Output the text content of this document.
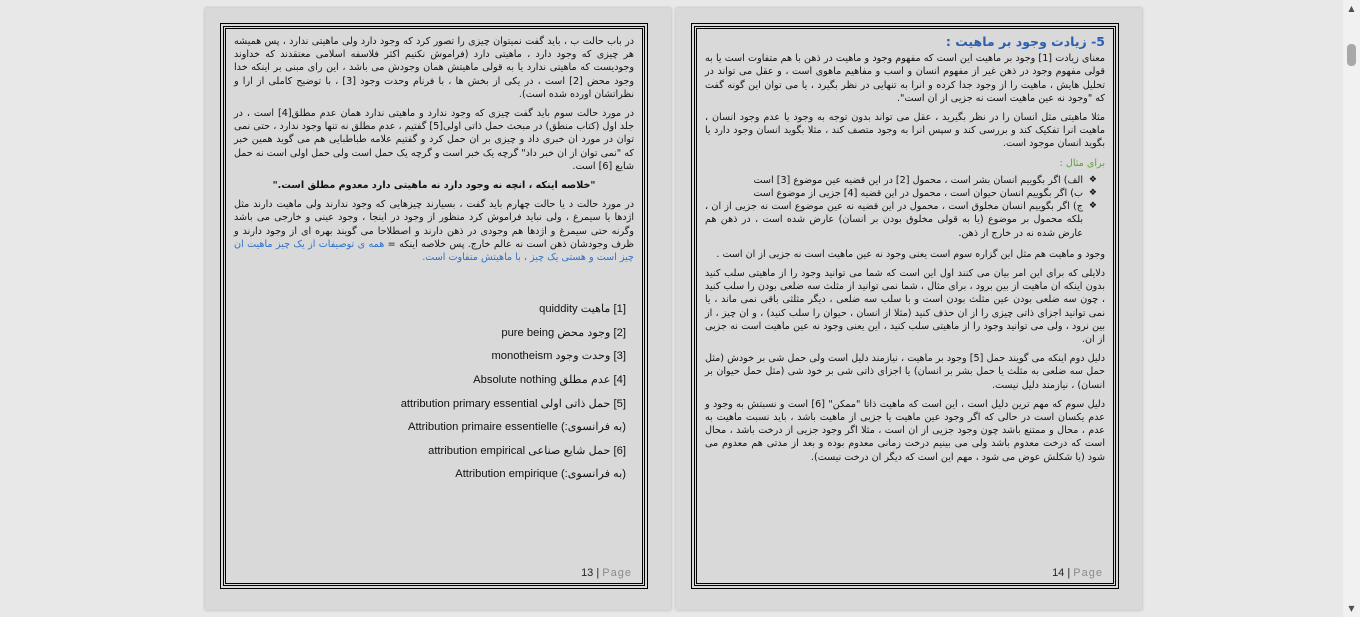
در باب حالت ب ، باید گفت نمیتوان چیزی را تصور کرد که وجود دارد ولی ماهیتی ندارد ، پس همیشه هر چیزی که وجود دارد ، ماهیتی دارد (فراموش نکنیم اکثر فلاسفه اسلامی معتقدند که خداوند وجودیست که ماهیتی ندارد یا به قولی ماهیتش همان وجودش می باشد ، این رای مبنی بر اینکه خدا وجود محض [2] است ، در یکی از بخش ها ، با فرنام وحدت وجود [3] ، با توضیح کاملی از ارا و نظراتشان اورده شده است).

در مورد حالت سوم باید گفت چیزی که وجود ندارد و ماهیتی ندارد همان عدم مطلق[4] است ، در جلد اول (کتاب منطق) در مبحث حمل ذاتی اولی[5] گفتیم ، عدم مطلق نه تنها وجود ندارد ، حتی نمی توان در مورد ان خبری داد و چیزی بر ان حمل کرد و گفتیم علامه طباطبایی هم می گوید همین خبر که "نمی توان از ان خبر داد" گرچه یک خبر است و گرچه یک حمل است ولی حمل اولی است نه حمل شایع [6] است.

"خلاصه اینکه ، انچه نه وجود دارد نه ماهیتی دارد معدوم مطلق است."

در مورد حالت د یا حالت چهارم باید گفت ، بسیارند چیزهایی که وجود ندارند ولی ماهیت دارند مثل اژدها یا سیمرغ ، ولی نباید فراموش کرد منظور از وجود در اینجا ، وجود عینی و خارجی می باشد وگرنه حتی سیمرغ و اژدها هم وجودی در ذهن دارند و اصطلاحا می گویند بهره ای از وجود دارند و ظرف وجودشان ذهن است نه عالم خارج. پس خلاصه اینکه = همه ی توصیفات از یک چیز ماهیت ان چیز است و هستی یک چیز ، با ماهیتش متفاوت است.

[1] ماهیت quiddity
[2] وجود محض pure being
[3] وحدت وجود monotheism
[4] عدم مطلق Absolute nothing
[5] حمل ذاتی اولی attribution primary essential
(به فرانسوی:) Attribution primaire essentielle
[6] حمل شایع صناعی attribution empirical
(به فرانسوی:) Attribution empirique
13 | Page
5- زیادت وجود بر ماهیت :

معنای زیادت [1] وجود بر ماهیت این است که مفهوم وجود و ماهیت در ذهن با هم متفاوت است یا به قولی مفهوم وجود در ذهن غیر از مفهوم انسان و اسب و مفاهیم ماهوی است ، و عقل می تواند در تحلیل هایش ، ماهیت را از وجود جدا کرده و انرا به تنهایی در نظر بگیرد ، یا می توان این گونه گفت که "وجود نه عین ماهیت است نه جزیی از ان است".

مثلا ماهیتی مثل انسان را در نظر بگیرید ، عقل می تواند بدون توجه به وجود یا عدم وجود انسان ، ماهیت انرا تفکیک کند و بررسی کند و سپس انرا به وجود متصف کند ، مثلا بگوید انسان وجود دارد یا بگوید انسان موجود است.

برای مثال :
❖ الف) اگر بگوییم انسان بشر است ، محمول [2] در این قضیه عین موضوع [3] است
❖ ب) اگر بگوییم انسان حیوان است ، محمول در این قضیه [4] جزیی از موضوع است
❖ ج) اگر بگوییم انسان مخلوق است ، محمول در این قضیه نه عین موضوع است نه جزیی از ان ، بلکه محمول بر موضوع (یا به قولی مخلوق بودن بر انسان) عارض شده است ، در ذهن هم عارض شده نه در خارج از ذهن.

وجود و ماهیت هم مثل این گزاره سوم است یعنی وجود نه عین ماهیت است نه جزیی از ان است .

دلایلی که برای این امر بیان می کنند اول این است که شما می توانید وجود را از ماهیتی سلب کنید بدون اینکه ان ماهیت از بین برود ، برای مثال ، شما نمی توانید از مثلث سه ضلعی بودن را سلب کنید ، چون سه ضلعی بودن عین مثلث بودن است و با سلب سه ضلعی ، دیگر مثلثی باقی نمی ماند ، یا نمی توانید اجزای ذاتی چیزی را از ان حذف کنید (مثلا از انسان ، حیوان را سلب کنید) ، و ان چیز ، از بین نرود ، ولی می توانید وجود را از ماهیتی سلب کنید ، این یعنی وجود نه عین ماهیت است نه جزیی از ان.

دلیل دوم اینکه می گویند حمل [5] وجود بر ماهیت ، نیازمند دلیل است ولی حمل شی بر خودش (مثل حمل سه ضلعی به مثلث یا حمل بشر بر انسان) یا اجزای ذاتی شی بر خود شی (مثل حمل حیوان بر انسان) ، نیازمند دلیل نیست.

دلیل سوم که مهم ترین دلیل است ، این است که ماهیت ذاتا "ممکن" [6] است و نسبتش به وجود و عدم یکسان است در حالی که اگر وجود عین ماهیت یا جزیی از ماهیت باشد ، باید نسبت ماهیت به عدم ، محال و ممتنع باشد چون وجود جزیی از ان است ، مثلا اگر وجود جزیی از درخت باشد ، محال است که درخت معدوم باشد ولی می بینیم درخت زمانی معدوم بوده و بعد از مدتی هم معدوم می شود (یا شکلش عوض می شود ، مهم این است که دیگر ان درخت نیست).

14 | Page
▲
▼
